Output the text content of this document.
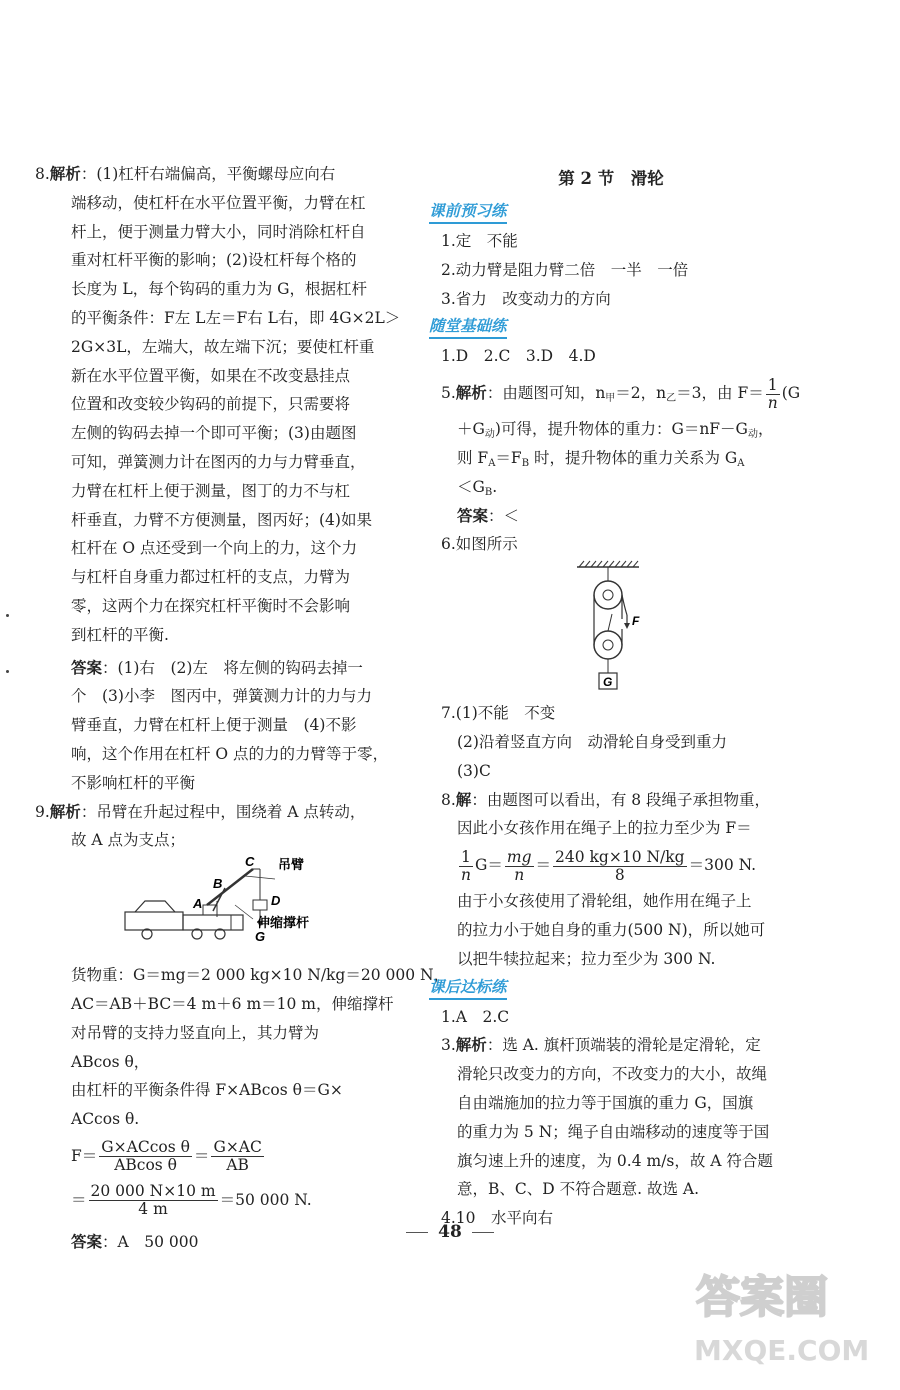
8.解析：(1)杠杆右端偏高，平衡螺母应向右
端移动，使杠杆在水平位置平衡，力臂在杠
杆上，便于测量力臂大小，同时消除杠杆自
重对杠杆平衡的影响；(2)设杠杆每个格的
长度为 L，每个钩码的重力为 G，根据杠杆
的平衡条件：F左 L左＝F右 L右，即 4G×2L＞
2G×3L，左端大，故左端下沉；要使杠杆重
新在水平位置平衡，如果在不改变悬挂点
位置和改变较少钩码的前提下，只需要将
左侧的钩码去掉一个即可平衡；(3)由题图
可知，弹簧测力计在图丙的力与力臂垂直，
力臂在杠杆上便于测量，图丁的力不与杠
杆垂直，力臂不方便测量，图丙好；(4)如果
杠杆在 O 点还受到一个向上的力，这个力
与杠杆自身重力都过杠杆的支点，力臂为
零，这两个力在探究杠杆平衡时不会影响
到杠杆的平衡.
答案：(1)右　(2)左　将左侧的钩码去掉一
个　(3)小李　图丙中，弹簧测力计的力与力
臂垂直，力臂在杠杆上便于测量　(4)不影
响，这个作用在杠杆 O 点的力的力臂等于零，
不影响杠杆的平衡
9.解析：吊臂在升起过程中，围绕着 A 点转动，
故 A 点为支点；
C 吊臂
B
A	D
G
伸缩撑杆
货物重：G＝mg＝2 000 kg×10 N/kg＝20 000 N，
AC＝AB＋BC＝4 m＋6 m＝10 m，伸缩撑杆
对吊臂的支持力竖直向上，其力臂为
ABcos θ，
由杠杆的平衡条件得 F×ABcos θ＝G×
ACcos θ.
$F= \frac{\text{G×ACcos θ}}{\text{ABcos θ}} = \frac{G\times AC}{AB}$
＝ $\frac{20 000 N\times 10 m}{4 m} =50$ 000 N.
答案：A　50 000
第 2 节　滑轮
课前预习练
1.定　不能
2.动力臂是阻力臂二倍　一半　一倍
3.省力　改变动力的方向
随堂基础练
1.D　2.C　3.D　4.D
5.解析：由题图可知，$n_甲=2$，$n_乙=3$，由 $F= \frac{1}{n} (G$
$+G_动$)可得，提升物体的重力：$G=nF-G_动$，
则 $F_A=F_B$ 时，提升物体的重力关系为 $G_A$
$<G_B$.
答案：＜
6.如图所示
F
G
7.(1)不能　不变
(2)沿着竖直方向　动滑轮自身受到重力
(3)C
8.解：由题图可以看出，有 8 段绳子承担物重，
因此小女孩作用在绳子上的拉力至少为 F＝
$\frac{1}{n} G= \frac{mg}{n} = \frac{240 kg\times 10 N/kg}{8} =300$ N.
由于小女孩使用了滑轮组，她作用在绳子上
的拉力小于她自身的重力(500 N)，所以她可
以把牛犊拉起来；拉力至少为 300 N.
课后达标练
1.A　2.C
3.解析：选 A. 旗杆顶端装的滑轮是定滑轮，定
滑轮只改变力的方向，不改变力的大小，故绳
自由端施加的拉力等于国旗的重力 G，国旗
的重力为 5 N；绳子自由端移动的速度等于国
旗匀速上升的速度，为 0.4 m/s，故 A 符合题
意，B、C、D 不符合题意. 故选 A.
4.10　水平向右
48
答案圈
MXQE.COM
